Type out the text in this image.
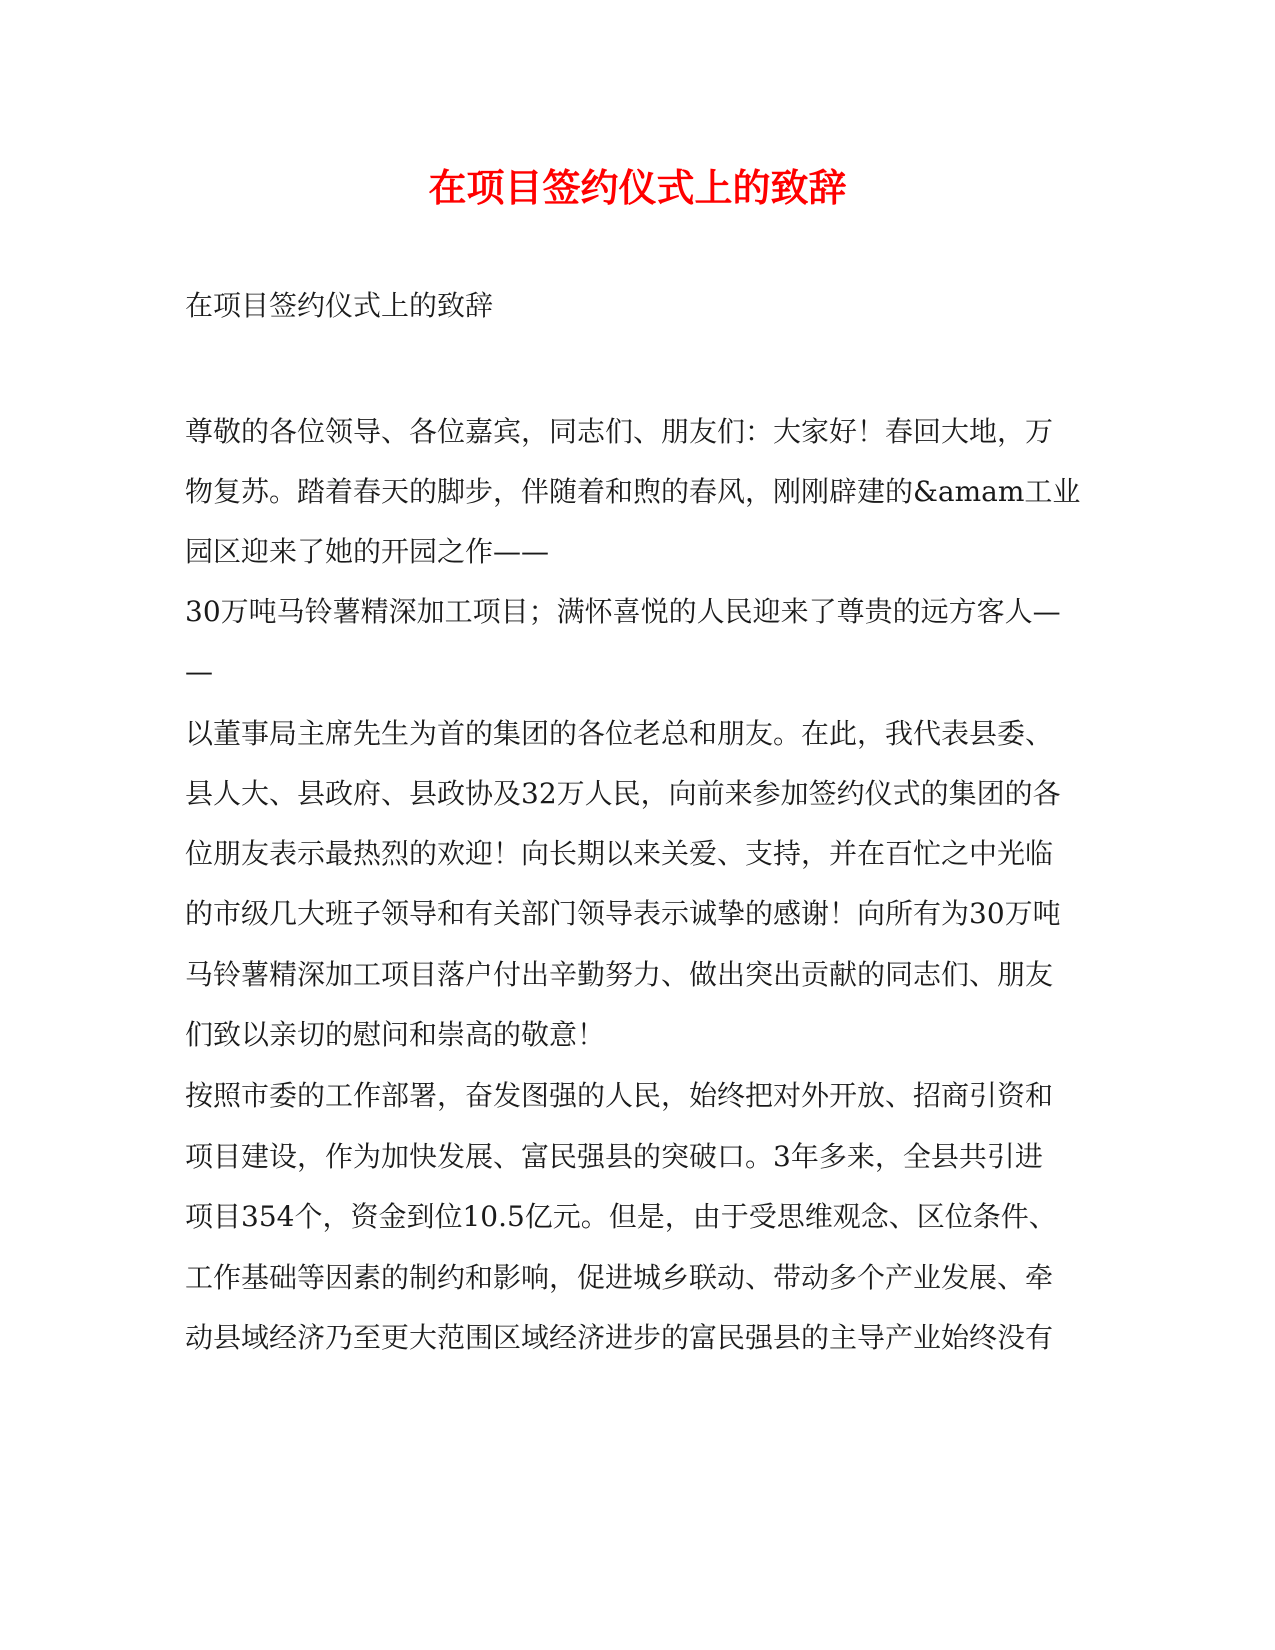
在项目签约仪式上的致辞

在项目签约仪式上的致辞

尊敬的各位领导、各位嘉宾，同志们、朋友们：大家好！春回大地，万

物复苏。踏着春天的脚步，伴随着和煦的春风，刚刚辟建的&amam工业

园区迎来了她的开园之作——

30万吨马铃薯精深加工项目；满怀喜悦的人民迎来了尊贵的远方客人—

—

以董事局主席先生为首的集团的各位老总和朋友。在此，我代表县委、

县人大、县政府、县政协及32万人民，向前来参加签约仪式的集团的各

位朋友表示最热烈的欢迎！向长期以来关爱、支持，并在百忙之中光临

的市级几大班子领导和有关部门领导表示诚挚的感谢！向所有为30万吨

马铃薯精深加工项目落户付出辛勤努力、做出突出贡献的同志们、朋友

们致以亲切的慰问和崇高的敬意！

按照市委的工作部署，奋发图强的人民，始终把对外开放、招商引资和

项目建设，作为加快发展、富民强县的突破口。3年多来，全县共引进

项目354个，资金到位10.5亿元。但是，由于受思维观念、区位条件、

工作基础等因素的制约和影响，促进城乡联动、带动多个产业发展、牵

动县域经济乃至更大范围区域经济进步的富民强县的主导产业始终没有
